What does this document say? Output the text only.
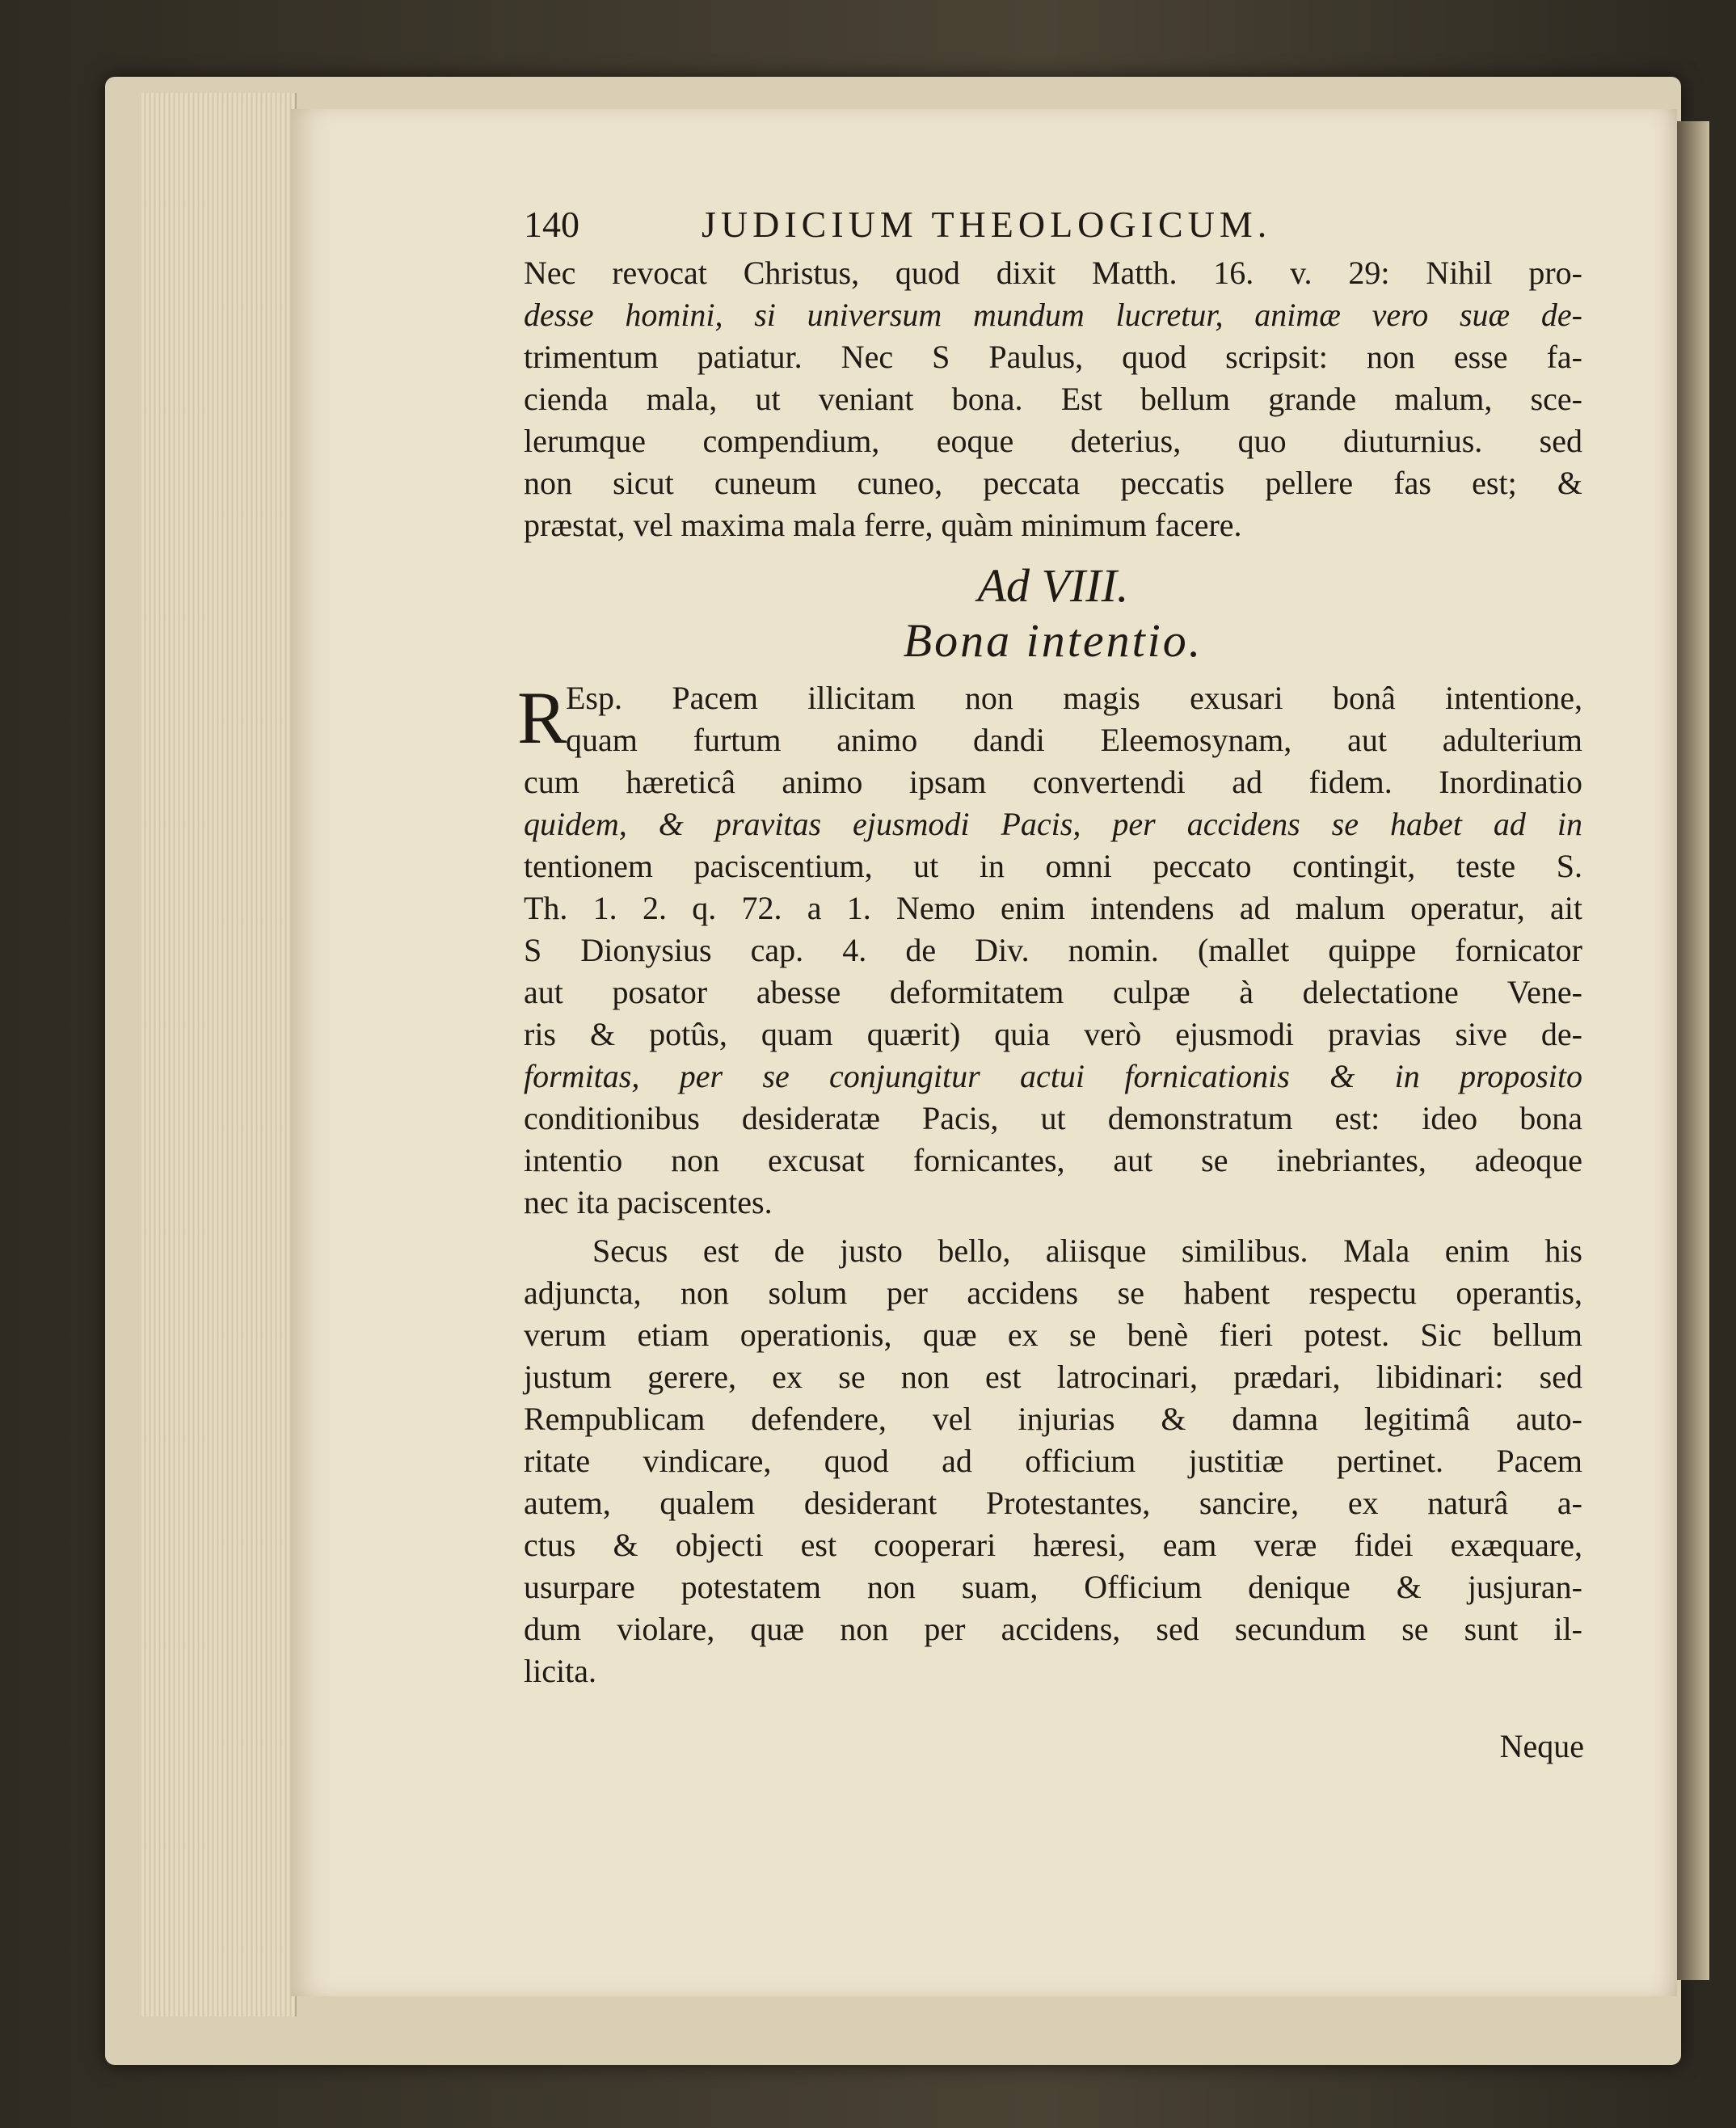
140	JUDICIUM THEOLOGICUM.
Nec revocat Christus, quod dixit Matth. 16. v. 29: Nihil pro-
desse homini, si universum mundum lucretur, animæ vero suæ de-
trimentum patiatur. Nec S Paulus, quod scripsit: non esse fa-
cienda mala, ut veniant bona. Est bellum grande malum, sce-
lerumque compendium, eoque deterius, quo diuturnius. sed
non sicut cuneum cuneo, peccata peccatis pellere fas est; &
præstat, vel maxima mala ferre, quàm minimum facere.
Ad VIII.
Bona intentio.
R
Esp. Pacem illicitam non magis exusari bonâ intentione,
quam furtum animo dandi Eleemosynam, aut adulterium
cum hæreticâ animo ipsam convertendi ad fidem. Inordinatio
quidem, & pravitas ejusmodi Pacis, per accidens se habet ad in
tentionem paciscentium, ut in omni peccato contingit, teste S.
Th. 1. 2. q. 72. a 1. Nemo enim intendens ad malum operatur, ait
S Dionysius cap. 4. de Div. nomin. (mallet quippe fornicator
aut posator abesse deformitatem culpæ à delectatione Vene-
ris & potûs, quam quærit) quia verò ejusmodi pravias sive de-
formitas, per se conjungitur actui fornicationis & in proposito
conditionibus desideratæ Pacis, ut demonstratum est: ideo bona
intentio non excusat fornicantes, aut se inebriantes, adeoque
nec ita paciscentes.
Secus est de justo bello, aliisque similibus. Mala enim his
adjuncta, non solum per accidens se habent respectu operantis,
verum etiam operationis, quæ ex se benè fieri potest. Sic bellum
justum gerere, ex se non est latrocinari, prædari, libidinari: sed
Rempublicam defendere, vel injurias & damna legitimâ auto-
ritate vindicare, quod ad officium justitiæ pertinet. Pacem
autem, qualem desiderant Protestantes, sancire, ex naturâ a-
ctus & objecti est cooperari hæresi, eam veræ fidei exæquare,
usurpare potestatem non suam, Officium denique & jusjuran-
dum violare, quæ non per accidens, sed secundum se sunt il-
licita.
Neque
